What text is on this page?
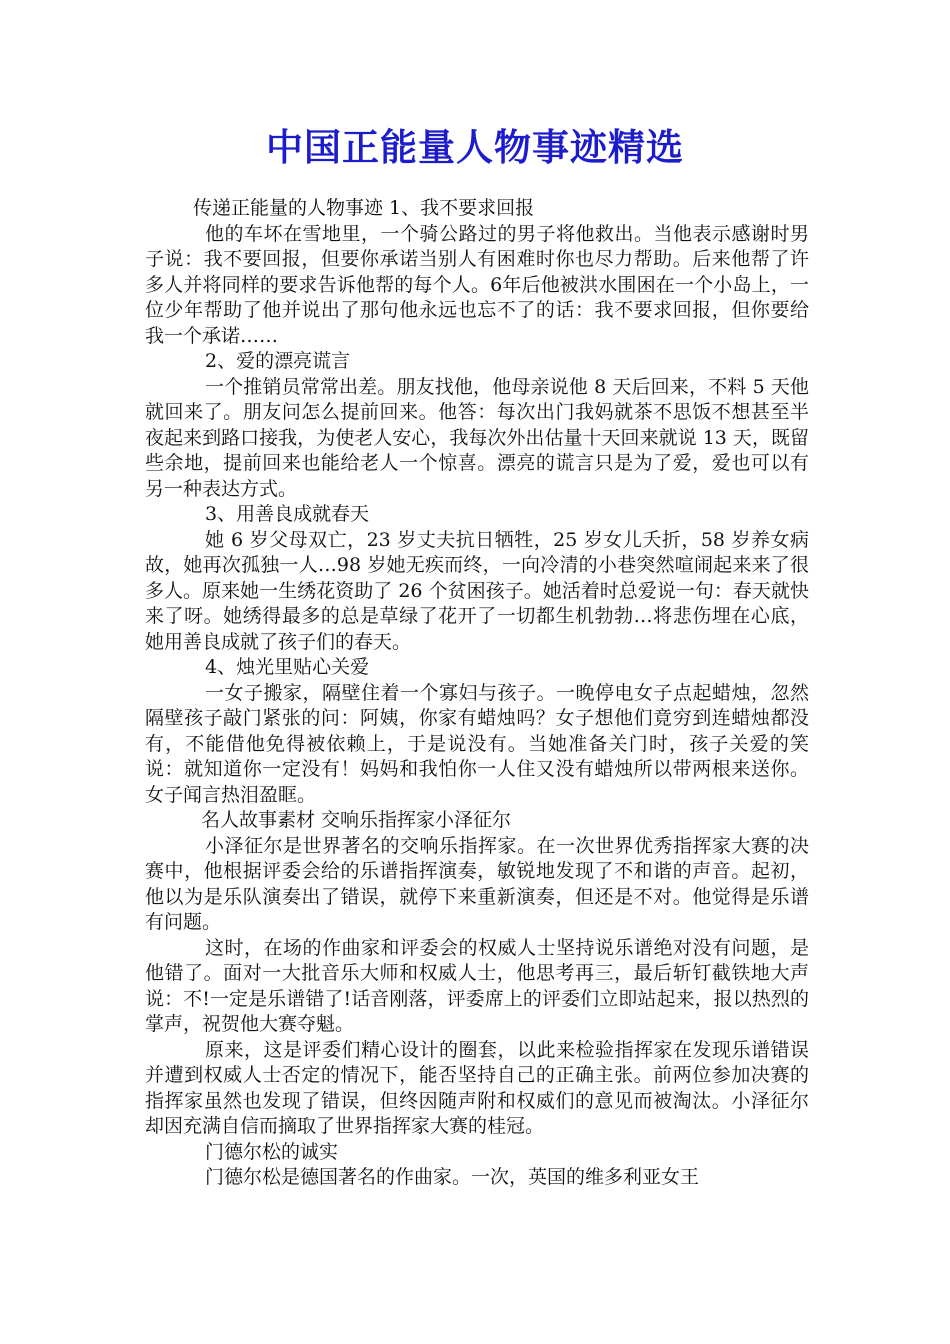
中国正能量人物事迹精选

传递正能量的人物事迹 1、我不要求回报

他的车坏在雪地里，一个骑公路过的男子将他救出。当他表示感谢时男子说：我不要回报，但要你承诺当别人有困难时你也尽力帮助。后来他帮了许多人并将同样的要求告诉他帮的每个人。6年后他被洪水围困在一个小岛上，一位少年帮助了他并说出了那句他永远也忘不了的话：我不要求回报，但你要给我一个承诺……

2、爱的漂亮谎言

一个推销员常常出差。朋友找他，他母亲说他 8 天后回来，不料 5 天他就回来了。朋友问怎么提前回来。他答：每次出门我妈就茶不思饭不想甚至半夜起来到路口接我，为使老人安心，我每次外出估量十天回来就说 13 天，既留些余地，提前回来也能给老人一个惊喜。漂亮的谎言只是为了爱，爱也可以有另一种表达方式。

3、用善良成就春天

她 6 岁父母双亡，23 岁丈夫抗日牺牲，25 岁女儿夭折，58 岁养女病故，她再次孤独一人…98 岁她无疾而终，一向冷清的小巷突然喧闹起来来了很多人。原来她一生绣花资助了 26 个贫困孩子。她活着时总爱说一句：春天就快来了呀。她绣得最多的总是草绿了花开了一切都生机勃勃…将悲伤埋在心底，她用善良成就了孩子们的春天。

4、烛光里贴心关爱

一女子搬家，隔壁住着一个寡妇与孩子。一晚停电女子点起蜡烛，忽然隔壁孩子敲门紧张的问：阿姨，你家有蜡烛吗？女子想他们竟穷到连蜡烛都没有，不能借他免得被依赖上，于是说没有。当她准备关门时，孩子关爱的笑说：就知道你一定没有！妈妈和我怕你一人住又没有蜡烛所以带两根来送你。女子闻言热泪盈眶。

名人故事素材 交响乐指挥家小泽征尔

小泽征尔是世界著名的交响乐指挥家。在一次世界优秀指挥家大赛的决赛中，他根据评委会给的乐谱指挥演奏，敏锐地发现了不和谐的声音。起初，他以为是乐队演奏出了错误，就停下来重新演奏，但还是不对。他觉得是乐谱有问题。

这时，在场的作曲家和评委会的权威人士坚持说乐谱绝对没有问题，是他错了。面对一大批音乐大师和权威人士，他思考再三，最后斩钉截铁地大声说：不!一定是乐谱错了!话音刚落，评委席上的评委们立即站起来，报以热烈的掌声，祝贺他大赛夺魁。

原来，这是评委们精心设计的圈套，以此来检验指挥家在发现乐谱错误并遭到权威人士否定的情况下，能否坚持自己的正确主张。前两位参加决赛的指挥家虽然也发现了错误，但终因随声附和权威们的意见而被淘汰。小泽征尔却因充满自信而摘取了世界指挥家大赛的桂冠。

门德尔松的诚实

门德尔松是德国著名的作曲家。一次，英国的维多利亚女王
